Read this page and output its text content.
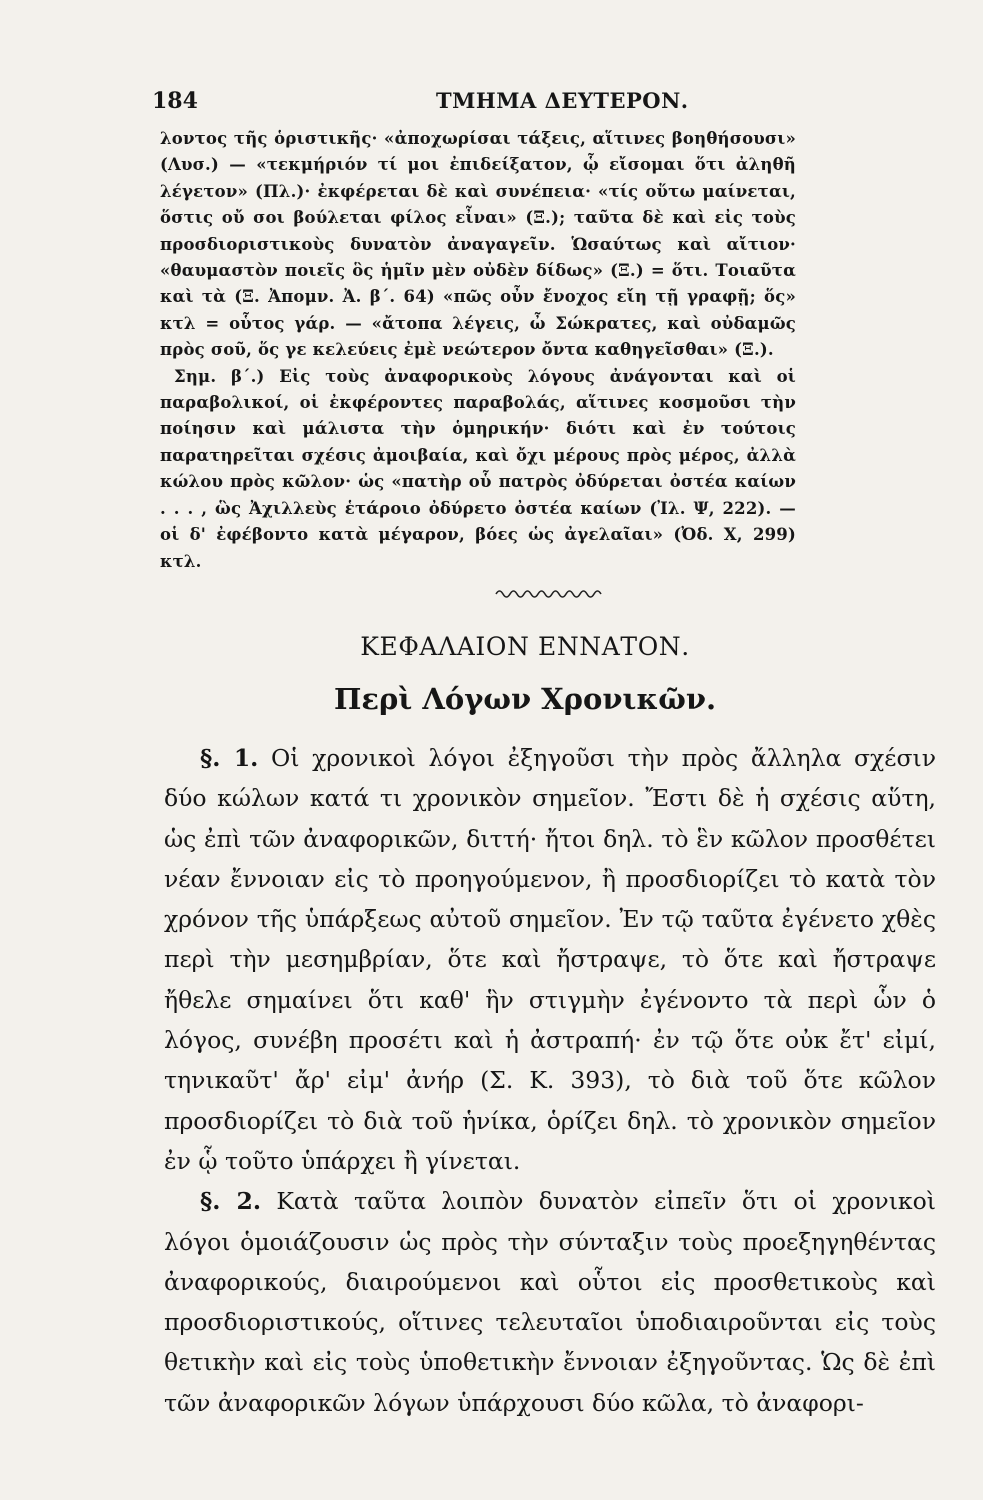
184	ΤΜΗΜΑ ΔΕΥΤΕΡΟΝ.

λοντος τῆς ὁριστικῆς· «ἀποχωρίσαι τάξεις, αἵτινες βοηθήσουσι» (Λυσ.) — «τεκμήριόν τί μοι ἐπιδείξατον, ᾧ εἴσομαι ὅτι ἀληθῆ λέγετον» (Πλ.)· ἐκφέρεται δὲ καὶ συνέπεια· «τίς οὕτω μαίνεται, ὅστις οὔ σοι βούλεται φίλος εἶναι» (Ξ.); ταῦτα δὲ καὶ εἰς τοὺς προσδιοριστικοὺς δυνατὸν ἀναγαγεῖν. Ὡσαύτως καὶ αἴτιον· «θαυμαστὸν ποιεῖς ὃς ἡμῖν μὲν οὐδὲν δίδως» (Ξ.) = ὅτι. Τοιαῦτα καὶ τὰ (Ξ. Ἀπομν. Ἀ. β΄. 64) «πῶς οὖν ἔνοχος εἴη τῇ γραφῇ; ὅς» κτλ = οὗτος γάρ. — «ἄτοπα λέγεις, ὦ Σώκρατες, καὶ οὐδαμῶς πρὸς σοῦ, ὅς γε κελεύεις ἐμὲ νεώτερον ὄντα καθηγεῖσθαι» (Ξ.).

Σημ. β΄.) Εἰς τοὺς ἀναφορικοὺς λόγους ἀνάγονται καὶ οἱ παραβολικοί, οἱ ἐκφέροντες παραβολάς, αἵτινες κοσμοῦσι τὴν ποίησιν καὶ μάλιστα τὴν ὁμηρικήν· διότι καὶ ἐν τούτοις παρατηρεῖται σχέσις ἀμοιβαία, καὶ ὄχι μέρους πρὸς μέρος, ἀλλὰ κώλου πρὸς κῶλον· ὡς «πατὴρ οὗ πατρὸς ὀδύρεται ὀστέα καίων . . . , ὣς Ἀχιλλεὺς ἑτάροιο ὀδύρετο ὀστέα καίων (Ἰλ. Ψ, 222). — οἱ δ' ἐφέβοντο κατὰ μέγαρον, βόες ὡς ἀγελαῖαι» (Ὀδ. Χ, 299) κτλ.

ΚΕΦΑΛΑΙΟΝ ΕΝΝΑΤΟΝ.
Περὶ Λόγων Χρονικῶν.

§. 1. Οἱ χρονικοὶ λόγοι ἐξηγοῦσι τὴν πρὸς ἄλληλα σχέσιν δύο κώλων κατά τι χρονικὸν σημεῖον. Ἔστι δὲ ἡ σχέσις αὕτη, ὡς ἐπὶ τῶν ἀναφορικῶν, διττή· ἤτοι δηλ. τὸ ἓν κῶλον προσθέτει νέαν ἔννοιαν εἰς τὸ προηγούμενον, ἢ προσδιορίζει τὸ κατὰ τὸν χρόνον τῆς ὑπάρξεως αὐτοῦ σημεῖον. Ἐν τῷ ταῦτα ἐγένετο χθὲς περὶ τὴν μεσημβρίαν, ὅτε καὶ ἤστραψε, τὸ ὅτε καὶ ἤστραψε ἤθελε σημαίνει ὅτι καθ' ἣν στιγμὴν ἐγένοντο τὰ περὶ ὧν ὁ λόγος, συνέβη προσέτι καὶ ἡ ἀστραπή· ἐν τῷ ὅτε οὐκ ἔτ' εἰμί, τηνικαῦτ' ἄρ' εἰμ' ἀνήρ (Σ. Κ. 393), τὸ διὰ τοῦ ὅτε κῶλον προσδιορίζει τὸ διὰ τοῦ ἡνίκα, ὁρίζει δηλ. τὸ χρονικὸν σημεῖον ἐν ᾧ τοῦτο ὑπάρχει ἢ γίνεται.

§. 2. Κατὰ ταῦτα λοιπὸν δυνατὸν εἰπεῖν ὅτι οἱ χρονικοὶ λόγοι ὁμοιάζουσιν ὡς πρὸς τὴν σύνταξιν τοὺς προεξηγηθέντας ἀναφορικούς, διαιρούμενοι καὶ οὗτοι εἰς προσθετικοὺς καὶ προσδιοριστικούς, οἵτινες τελευταῖοι ὑποδιαιροῦνται εἰς τοὺς θετικὴν καὶ εἰς τοὺς ὑποθετικὴν ἔννοιαν ἐξηγοῦντας. Ὡς δὲ ἐπὶ τῶν ἀναφορικῶν λόγων ὑπάρχουσι δύο κῶλα, τὸ ἀναφορι-
